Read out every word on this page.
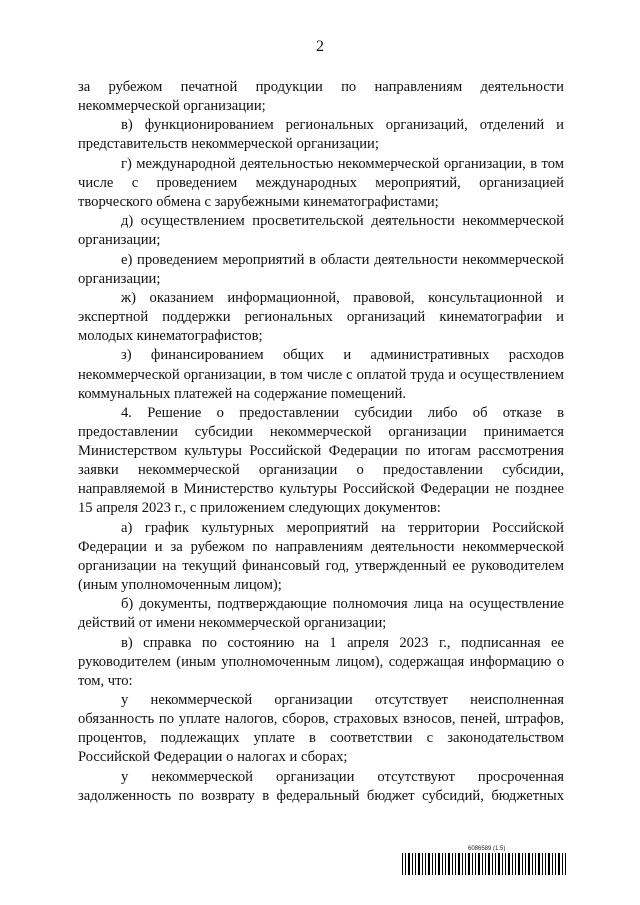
2

за рубежом печатной продукции по направлениям деятельности некоммерческой организации;

в) функционированием региональных организаций, отделений и представительств некоммерческой организации;

г) международной деятельностью некоммерческой организации, в том числе с проведением международных мероприятий, организацией творческого обмена с зарубежными кинематографистами;

д) осуществлением просветительской деятельности некоммерческой организации;

е) проведением мероприятий в области деятельности некоммерческой организации;

ж) оказанием информационной, правовой, консультационной и экспертной поддержки региональных организаций кинематографии и молодых кинематографистов;

з) финансированием общих и административных расходов некоммерческой организации, в том числе с оплатой труда и осуществлением коммунальных платежей на содержание помещений.

4. Решение о предоставлении субсидии либо об отказе в предоставлении субсидии некоммерческой организации принимается Министерством культуры Российской Федерации по итогам рассмотрения заявки некоммерческой организации о предоставлении субсидии, направляемой в Министерство культуры Российской Федерации не позднее 15 апреля 2023 г., с приложением следующих документов:

а) график культурных мероприятий на территории Российской Федерации и за рубежом по направлениям деятельности некоммерческой организации на текущий финансовый год, утвержденный ее руководителем (иным уполномоченным лицом);

б) документы, подтверждающие полномочия лица на осуществление действий от имени некоммерческой организации;

в) справка по состоянию на 1 апреля 2023 г., подписанная ее руководителем (иным уполномоченным лицом), содержащая информацию о том, что:

у некоммерческой организации отсутствует неисполненная обязанность по уплате налогов, сборов, страховых взносов, пеней, штрафов, процентов, подлежащих уплате в соответствии с законодательством Российской Федерации о налогах и сборах;

у некоммерческой организации отсутствуют просроченная задолженность по возврату в федеральный бюджет субсидий, бюджетных

6086589 (1.5)
